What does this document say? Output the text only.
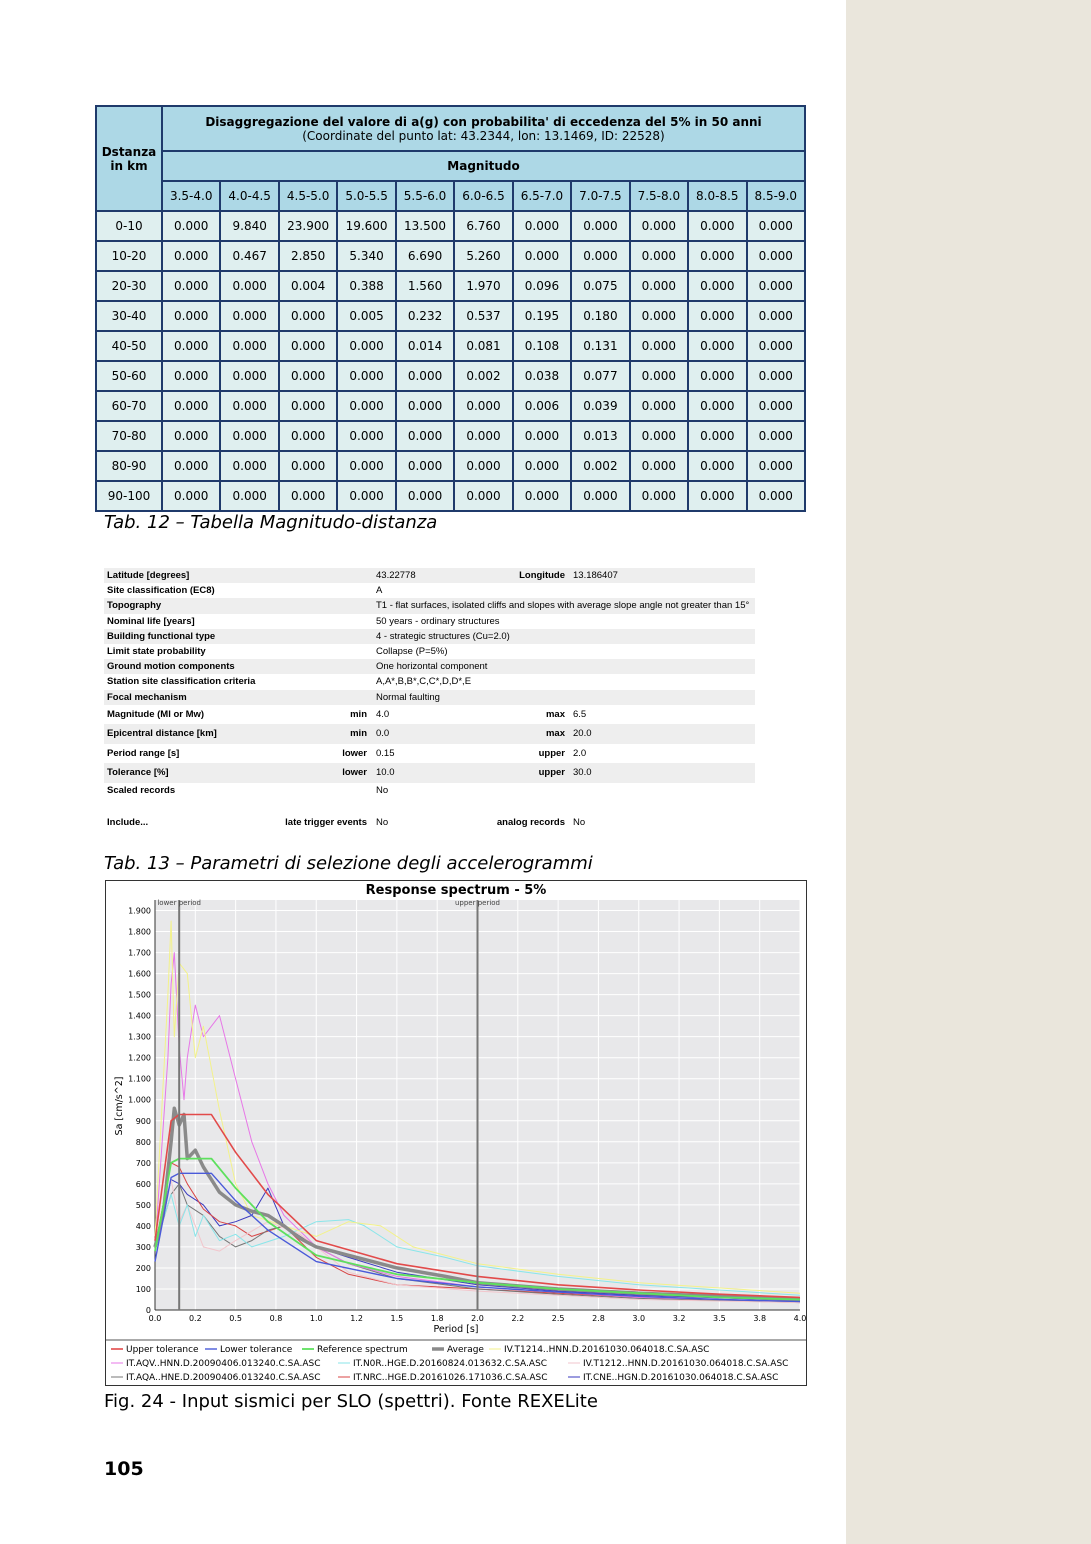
Dstanza in km	Disaggregazione del valore di a(g) con probabilita' di eccedenza del 5% in 50 anni
(Coordinate del punto lat: 43.2344, lon: 13.1469, ID: 22528)										

	Magnitudo										
	3.5-4.0	4.0-4.5	4.5-5.0	5.0-5.5	5.5-6.0	6.0-6.5	6.5-7.0	7.0-7.5	7.5-8.0	8.0-8.5	8.5-9.0
0-10	0.000	9.840	23.900	19.600	13.500	6.760	0.000	0.000	0.000	0.000	0.000
10-20	0.000	0.467	2.850	5.340	6.690	5.260	0.000	0.000	0.000	0.000	0.000
20-30	0.000	0.000	0.004	0.388	1.560	1.970	0.096	0.075	0.000	0.000	0.000
30-40	0.000	0.000	0.000	0.005	0.232	0.537	0.195	0.180	0.000	0.000	0.000
40-50	0.000	0.000	0.000	0.000	0.014	0.081	0.108	0.131	0.000	0.000	0.000
50-60	0.000	0.000	0.000	0.000	0.000	0.002	0.038	0.077	0.000	0.000	0.000
60-70	0.000	0.000	0.000	0.000	0.000	0.000	0.006	0.039	0.000	0.000	0.000
70-80	0.000	0.000	0.000	0.000	0.000	0.000	0.000	0.013	0.000	0.000	0.000
80-90	0.000	0.000	0.000	0.000	0.000	0.000	0.000	0.002	0.000	0.000	0.000
90-100	0.000	0.000	0.000	0.000	0.000	0.000	0.000	0.000	0.000	0.000	0.000
Tab. 12 – Tabella Magnitudo-distanza
Latitude [degrees]	43.22778	Longitude 13.186407
Site classification (EC8)	A
Topography	T1 - flat surfaces, isolated cliffs and slopes with average slope angle not greater than 15°
Nominal life [years]	50 years - ordinary structures
Building functional type	4 - strategic structures (Cu=2.0)
Limit state probability	Collapse (P=5%)
Ground motion components	One horizontal component
Station site classification criteria	A,A*,B,B*,C,C*,D,D*,E
Focal mechanism	Normal faulting
Magnitude (Ml or Mw)	min 4.0	max 6.5
Epicentral distance [km]	min 0.0	max 20.0
Period range [s]	lower 0.15	upper 2.0
Tolerance [%]	lower 10.0	upper 30.0
Scaled records	No
Include...	late trigger events No	analog records No
Tab. 13 – Parametri di selezione degli accelerogrammi
Response spectrum - 5%
0
100
200
300
400
500
600
700
800
900
1.000
1.100
1.200
1.300
1.400
1.500
1.600
1.700
1.800
1.900
0.0	0.2	0.5	0.8	1.0	1.2	1.5	1.8	2.0	2.2	2.5	2.8	3.0	3.2	3.5	3.8	4.0
lower period	upper period
Period [s]
Sa [cm/s^2]
Upper tolerance Lower tolerance	Reference spectrum	Average IV.T1214..HNN.D.20161030.064018.C.SA.ASC
IT.AQV..HNN.D.20090406.013240.C.SA.ASC	IT.N0R..HGE.D.20160824.013632.C.SA.ASC	IV.T1212..HNN.D.20161030.064018.C.SA.ASC
IT.AQA..HNE.D.20090406.013240.C.SA.ASC	IT.NRC..HGE.D.20161026.171036.C.SA.ASC	IT.CNE..HGN.D.20161030.064018.C.SA.ASC
Fig. 24 - Input sismici per SLO (spettri). Fonte REXELite
105
